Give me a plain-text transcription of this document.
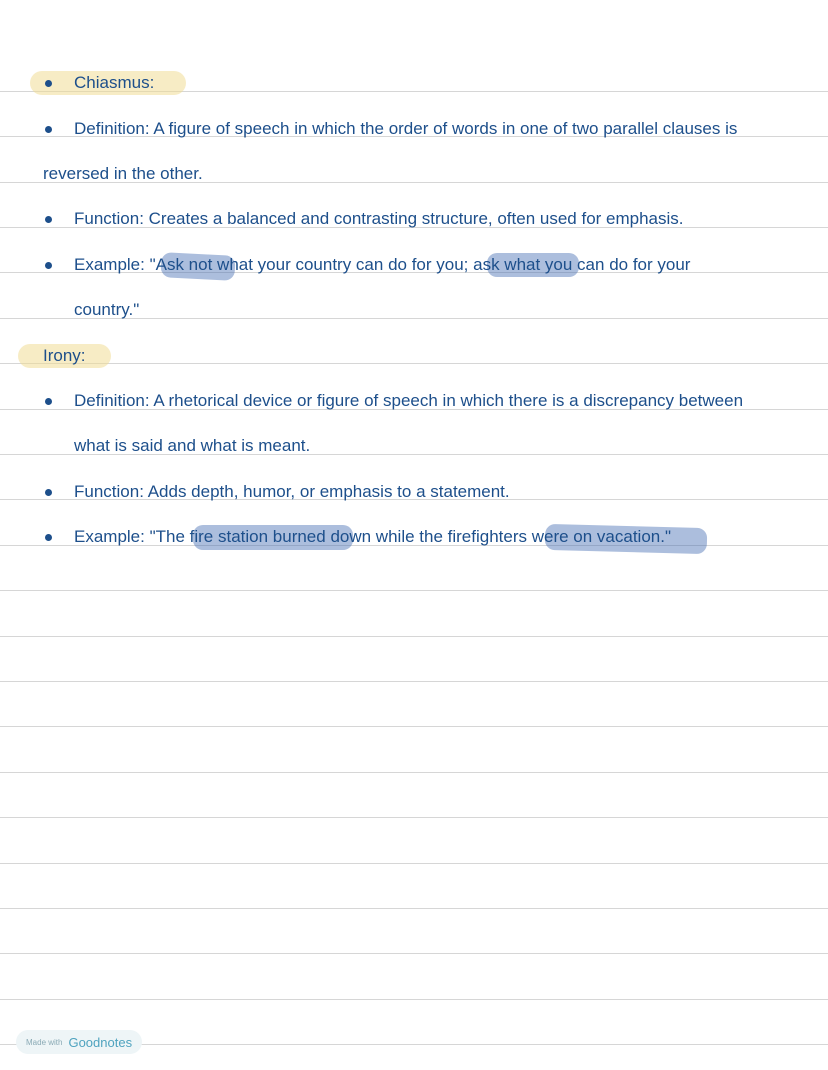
Chiasmus:
Definition: A figure of speech in which the order of words in one of two parallel clauses is
reversed in the other.
Function: Creates a balanced and contrasting structure, often used for emphasis.
Example: "Ask not what your country can do for you; ask what you can do for your
country."
Irony:
Definition: A rhetorical device or figure of speech in which there is a discrepancy between
what is said and what is meant.
Function: Adds depth, humor, or emphasis to a statement.
Example: "The fire station burned down while the firefighters were on vacation."
Made with Goodnotes
